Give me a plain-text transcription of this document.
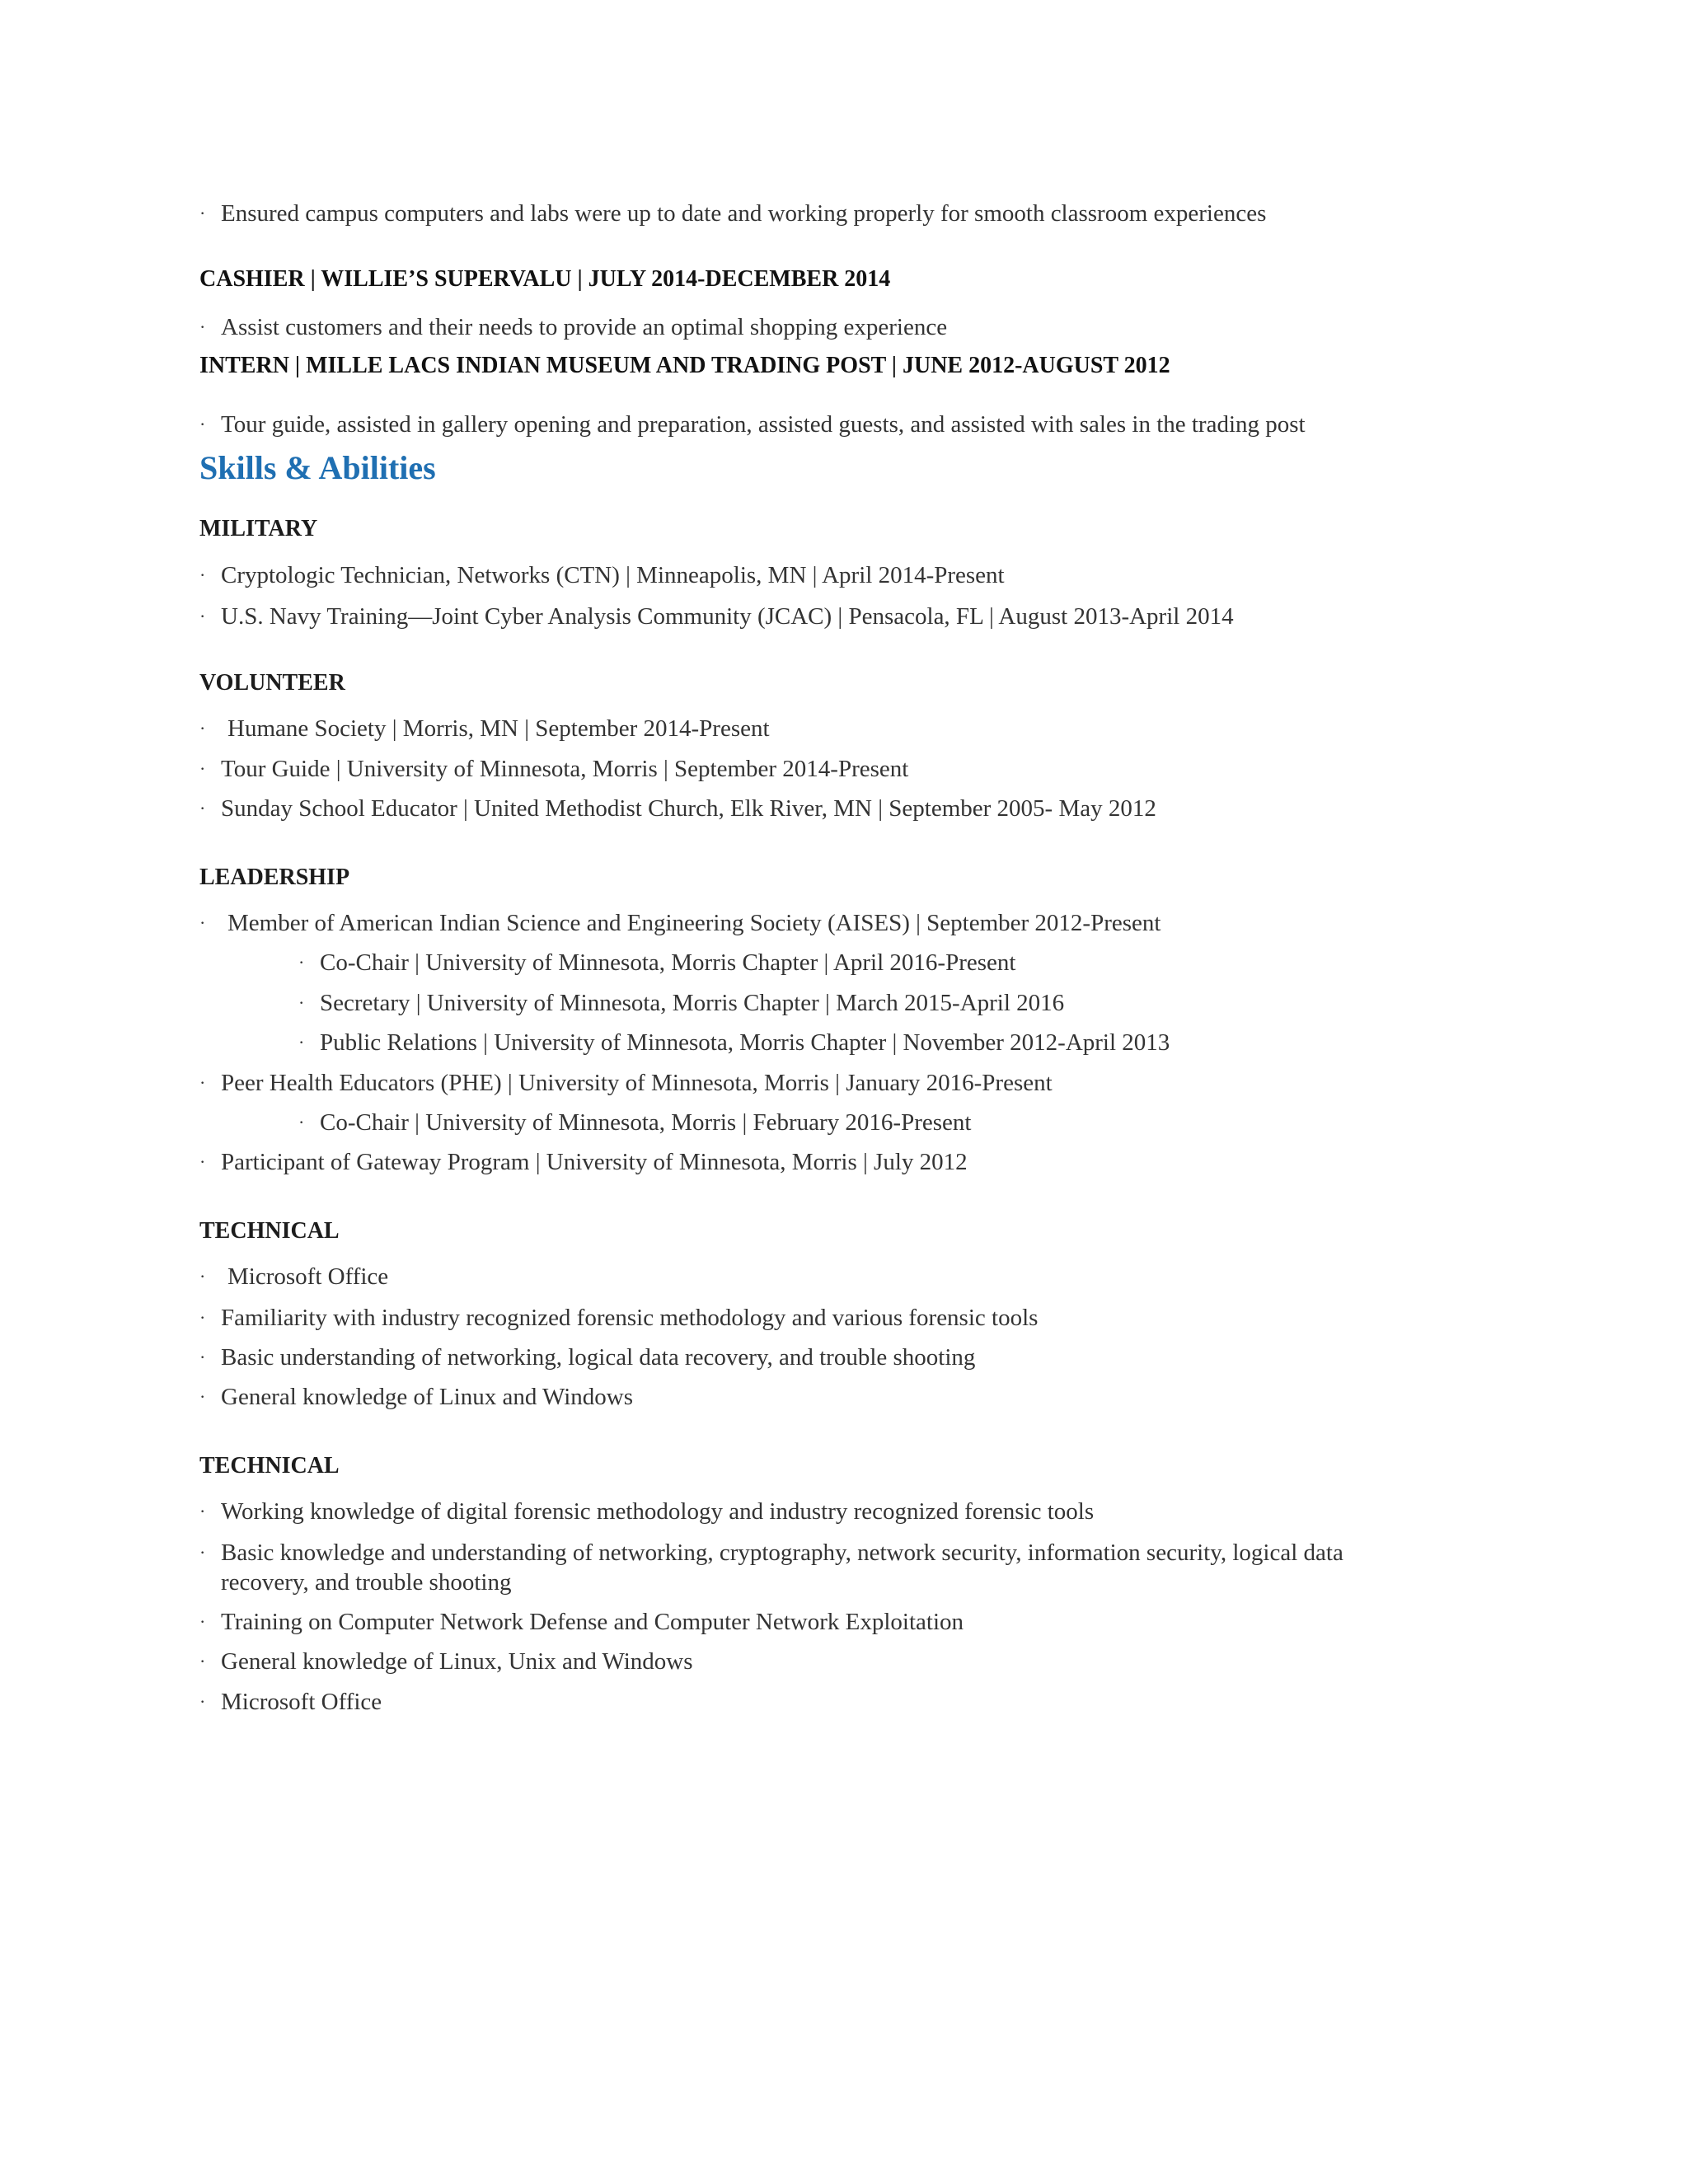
· Ensured campus computers and labs were up to date and working properly for smooth classroom experiences
CASHIER | WILLIE’S SUPERVALU | JULY 2014-DECEMBER 2014
· Assist customers and their needs to provide an optimal shopping experience
INTERN | MILLE LACS INDIAN MUSEUM AND TRADING POST | JUNE 2012-AUGUST 2012
· Tour guide, assisted in gallery opening and preparation, assisted guests, and assisted with sales in the trading post
Skills & Abilities
MILITARY
· Cryptologic Technician, Networks (CTN) | Minneapolis, MN | April 2014-Present
· U.S. Navy Training—Joint Cyber Analysis Community (JCAC) | Pensacola, FL | August 2013-April 2014
VOLUNTEER
· Humane Society | Morris, MN | September 2014-Present
· Tour Guide | University of Minnesota, Morris | September 2014-Present
· Sunday School Educator | United Methodist Church, Elk River, MN | September 2005- May 2012
LEADERSHIP
· Member of American Indian Science and Engineering Society (AISES) | September 2012-Present
· Co-Chair | University of Minnesota, Morris Chapter | April 2016-Present
· Secretary | University of Minnesota, Morris Chapter | March 2015-April 2016
· Public Relations | University of Minnesota, Morris Chapter | November 2012-April 2013
· Peer Health Educators (PHE) | University of Minnesota, Morris | January 2016-Present
· Co-Chair | University of Minnesota, Morris | February 2016-Present
· Participant of Gateway Program | University of Minnesota, Morris | July 2012
TECHNICAL
· Microsoft Office
· Familiarity with industry recognized forensic methodology and various forensic tools
· Basic understanding of networking, logical data recovery, and trouble shooting
· General knowledge of Linux and Windows
TECHNICAL
· Working knowledge of digital forensic methodology and industry recognized forensic tools
· Basic knowledge and understanding of networking, cryptography, network security, information security, logical data
recovery, and trouble shooting
· Training on Computer Network Defense and Computer Network Exploitation
· General knowledge of Linux, Unix and Windows
· Microsoft Office
